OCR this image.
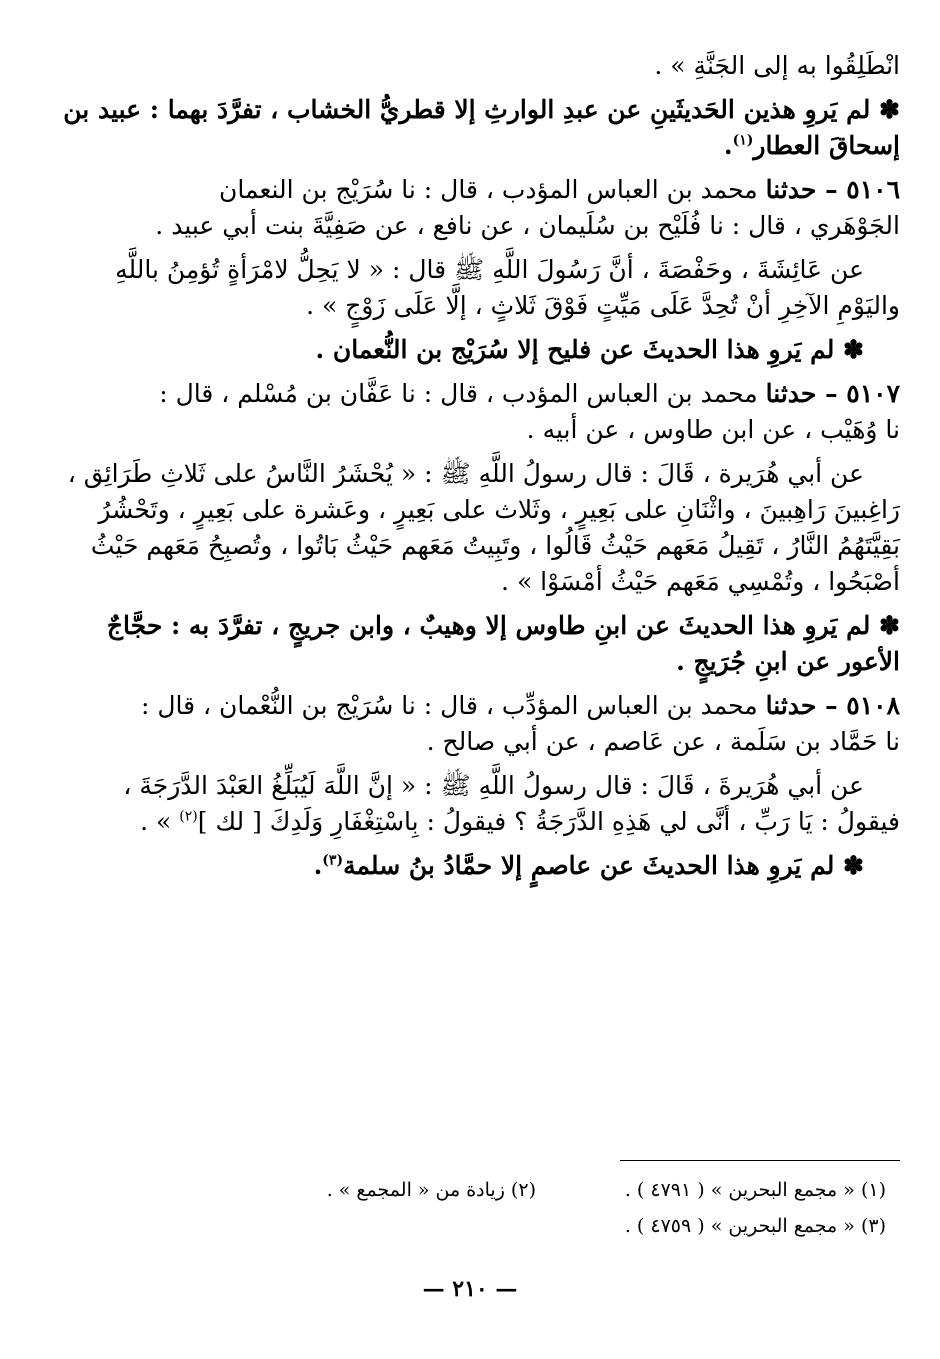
انْطَلِقُوا به إلى الجَنَّةِ » .
✽ لم يَروِ هذين الحَديثَينِ عن عبدِ الوارثِ إلا قطريُّ الخشاب ، تفرَّدَ بهما : عبيد بن
إسحاقَ العطار$^{(١)}$.
٥١٠٦ – حدثنا محمد بن العباس المؤدب ، قال : نا سُرَيْج بن النعمان
الجَوْهَري ، قال : نا فُلَيْح بن سُلَيمان ، عن نافع ، عن صَفِيَّةَ بنت أبي عبيد .
عن عَائِشَةَ ، وحَفْصَةَ ، أنَّ رَسُولَ اللَّهِ ﷺ قال : « لا يَحِلُّ لامْرَأةٍ تُؤمِنُ باللَّهِ
واليَوْمِ الآخِرِ أنْ تُحِدَّ عَلَى مَيِّتٍ فَوْقَ ثَلاثٍ ، إلَّا عَلَى زَوْجٍ » .
✽ لم يَروِ هذا الحديثَ عن فليح إلا سُرَيْج بن النُّعمان .
٥١٠٧ – حدثنا محمد بن العباس المؤدب ، قال : نا عَفَّان بن مُسْلم ، قال :
نا وُهَيْب ، عن ابن طاوس ، عن أبيه .
عن أبي هُرَيرة ، قَالَ : قال رسولُ اللَّهِ ﷺ : « يُحْشَرُ النَّاسُ على ثَلاثِ طَرَائِق ،
رَاغِبينَ رَاهِبينَ ، واثْنَانِ على بَعِيرٍ ، وثَلاث على بَعِيرٍ ، وعَشرة على بَعِيرٍ ، وتَحْشُرُ
بَقِيَّتَهُمُ النَّارُ ، تَقِيلُ مَعَهم حَيْثُ قَالُوا ، وتَبِيتُ مَعَهم حَيْثُ بَاتُوا ، وتُصبِحُ مَعَهم حَيْثُ
أصْبَحُوا ، وتُمْسِي مَعَهم حَيْثُ أمْسَوْا » .
✽ لم يَروِ هذا الحديثَ عن ابنِ طاوس إلا وهيبٌ ، وابن جريجٍ ، تفرَّدَ به : حجَّاجٌ
الأعور عن ابنِ جُرَيجٍ .
٥١٠٨ – حدثنا محمد بن العباس المؤدِّب ، قال : نا سُرَيْج بن النُّعْمان ، قال :
نا حَمَّاد بن سَلَمة ، عن عَاصم ، عن أبي صالح .
عن أبي هُرَيرةَ ، قَالَ : قال رسولُ اللَّهِ ﷺ : « إنَّ اللَّهَ لَيُبَلِّغُ العَبْدَ الدَّرَجَةَ ،
فيقولُ : يَا رَبِّ ، أنَّى لي هَذِهِ الدَّرَجَةُ ؟ فيقولُ : بِاسْتِغْفَارِ وَلَدِكَ [ لك ]$^{(٢)}$ » .
✽ لم يَروِ هذا الحديثَ عن عاصمٍ إلا حمَّادُ بنُ سلمة$^{(٣)}$.
(١) « مجمع البحرين » ( ٤٧٩١ ) .
(٢) زيادة من « المجمع » .
(٣) « مجمع البحرين » ( ٤٧٥٩ ) .
— ٢١٠ —
